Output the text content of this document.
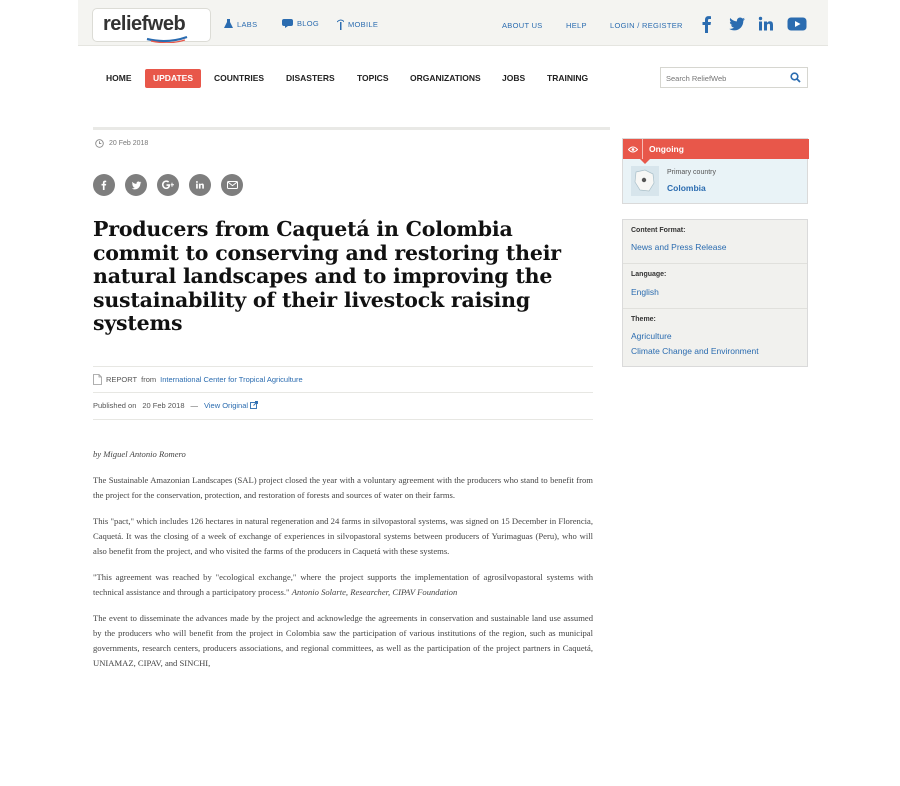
reliefweb	LABS	BLOG	MOBILE	ABOUT US	HELP	LOGIN / REGISTER
HOME	UPDATES	COUNTRIES	DISASTERS	TOPICS	ORGANIZATIONS	JOBS	TRAINING
Search ReliefWeb
20 Feb 2018
Producers from Caquetá in Colombia commit to conserving and restoring their natural landscapes and to improving the sustainability of their livestock raising systems
REPORT from International Center for Tropical Agriculture
Published on 20 Feb 2018 — View Original

by Miguel Antonio Romero

The Sustainable Amazonian Landscapes (SAL) project closed the year with a voluntary agreement with the producers who stand to benefit from the project for the conservation, protection, and restoration of forests and sources of water on their farms.

This "pact," which includes 126 hectares in natural regeneration and 24 farms in silvopastoral systems, was signed on 15 December in Florencia, Caquetá. It was the closing of a week of exchange of experiences in silvopastoral systems between producers of Yurimaguas (Peru), who will also benefit from the project, and who visited the farms of the producers in Caquetá with these systems.

"This agreement was reached by "ecological exchange," where the project supports the implementation of agrosilvopastoral systems with technical assistance and through a participatory process." Antonio Solarte, Researcher, CIPAV Foundation

The event to disseminate the advances made by the project and acknowledge the agreements in conservation and sustainable land use assumed by the producers who will benefit from the project in Colombia saw the participation of various institutions of the region, such as municipal governments, research centers, producers associations, and regional committees, as well as the participation of the project partners in Caquetá, UNIAMAZ, CIPAV, and SINCHI,

Ongoing
Primary country
Colombia
Content Format:
News and Press Release
Language:
English
Theme:
Agriculture
Climate Change and Environment
